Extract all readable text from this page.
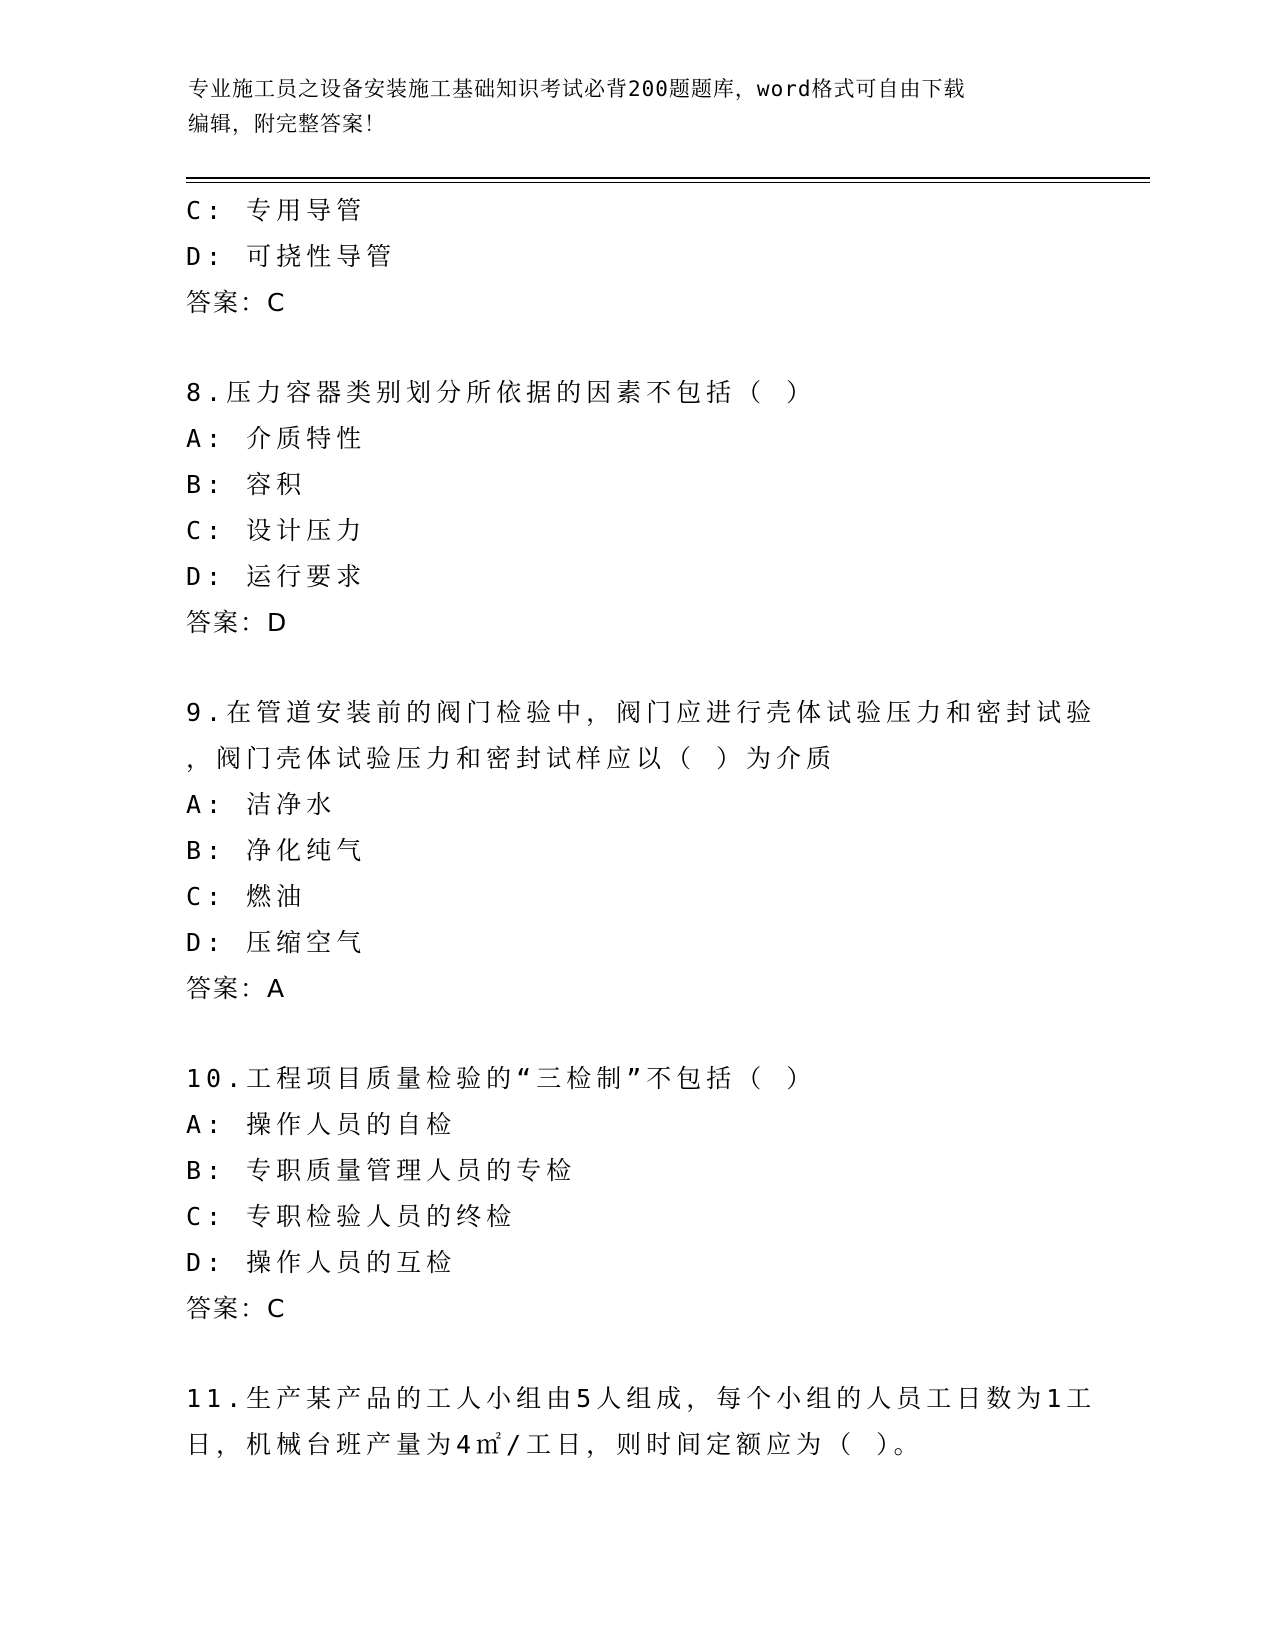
专业施工员之设备安装施工基础知识考试必背200题题库，word格式可自由下载
编辑，附完整答案！
C: 专用导管
D: 可挠性导管
答案：C
8.压力容器类别划分所依据的因素不包括（ ）
A: 介质特性
B: 容积
C: 设计压力
D: 运行要求
答案：D
9.在管道安装前的阀门检验中，阀门应进行壳体试验压力和密封试验
，阀门壳体试验压力和密封试样应以（ ）为介质
A: 洁净水
B: 净化纯气
C: 燃油
D: 压缩空气
答案：A
10.工程项目质量检验的“三检制”不包括（ ）
A: 操作人员的自检
B: 专职质量管理人员的专检
C: 专职检验人员的终检
D: 操作人员的互检
答案：C
11.生产某产品的工人小组由5人组成，每个小组的人员工日数为1工
日，机械台班产量为4㎡/工日，则时间定额应为（ ）。
